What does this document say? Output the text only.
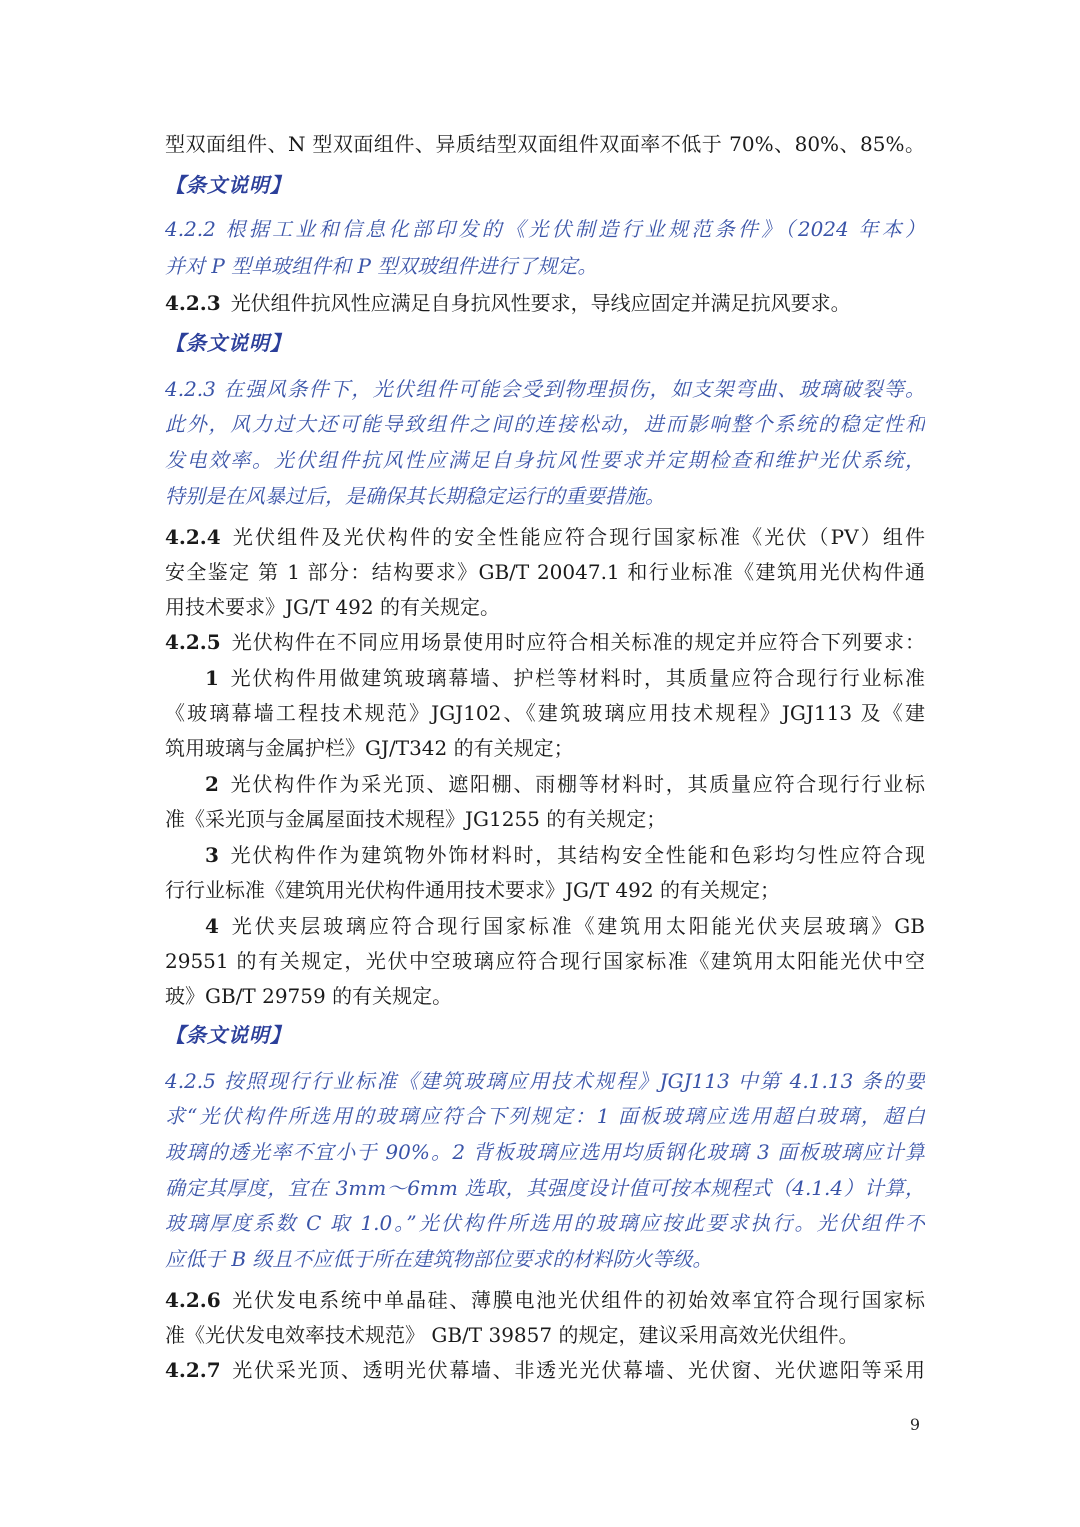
型双面组件、N 型双面组件、异质结型双面组件双面率不低于 70%、80%、85%。
【条文说明】
4.2.2 根据工业和信息化部印发的《光伏制造行业规范条件》（2024 年本）
并对 P 型单玻组件和 P 型双玻组件进行了规定。
4.2.3 光伏组件抗风性应满足自身抗风性要求，导线应固定并满足抗风要求。
【条文说明】
4.2.3 在强风条件下，光伏组件可能会受到物理损伤，如支架弯曲、玻璃破裂等。
此外，风力过大还可能导致组件之间的连接松动，进而影响整个系统的稳定性和
发电效率。光伏组件抗风性应满足自身抗风性要求并定期检查和维护光伏系统，
特别是在风暴过后，是确保其长期稳定运行的重要措施。
4.2.4 光伏组件及光伏构件的安全性能应符合现行国家标准《光伏（PV）组件
安全鉴定 第 1 部分：结构要求》GB/T 20047.1 和行业标准《建筑用光伏构件通
用技术要求》JG/T 492 的有关规定。
4.2.5 光伏构件在不同应用场景使用时应符合相关标准的规定并应符合下列要求：
1 光伏构件用做建筑玻璃幕墙、护栏等材料时，其质量应符合现行行业标准
《玻璃幕墙工程技术规范》JGJ102、《建筑玻璃应用技术规程》JGJ113 及《建
筑用玻璃与金属护栏》GJ/T342 的有关规定；
2 光伏构件作为采光顶、遮阳棚、雨棚等材料时，其质量应符合现行行业标
准《采光顶与金属屋面技术规程》JG1255 的有关规定；
3 光伏构件作为建筑物外饰材料时，其结构安全性能和色彩均匀性应符合现
行行业标准《建筑用光伏构件通用技术要求》JG/T 492 的有关规定；
4 光伏夹层玻璃应符合现行国家标准《建筑用太阳能光伏夹层玻璃》GB
29551 的有关规定，光伏中空玻璃应符合现行国家标准《建筑用太阳能光伏中空
玻》GB/T 29759 的有关规定。
【条文说明】
4.2.5 按照现行行业标准《建筑玻璃应用技术规程》JGJ113 中第 4.1.13 条的要
求“光伏构件所选用的玻璃应符合下列规定：1 面板玻璃应选用超白玻璃，超白
玻璃的透光率不宜小于 90%。2 背板玻璃应选用均质钢化玻璃 3 面板玻璃应计算
确定其厚度，宜在 3mm～6mm 选取，其强度设计值可按本规程式（4.1.4）计算，
玻璃厚度系数 C 取 1.0。”光伏构件所选用的玻璃应按此要求执行。光伏组件不
应低于 B 级且不应低于所在建筑物部位要求的材料防火等级。
4.2.6 光伏发电系统中单晶硅、薄膜电池光伏组件的初始效率宜符合现行国家标
准《光伏发电效率技术规范》 GB/T 39857 的规定，建议采用高效光伏组件。
4.2.7 光伏采光顶、透明光伏幕墙、非透光光伏幕墙、光伏窗、光伏遮阳等采用
9
